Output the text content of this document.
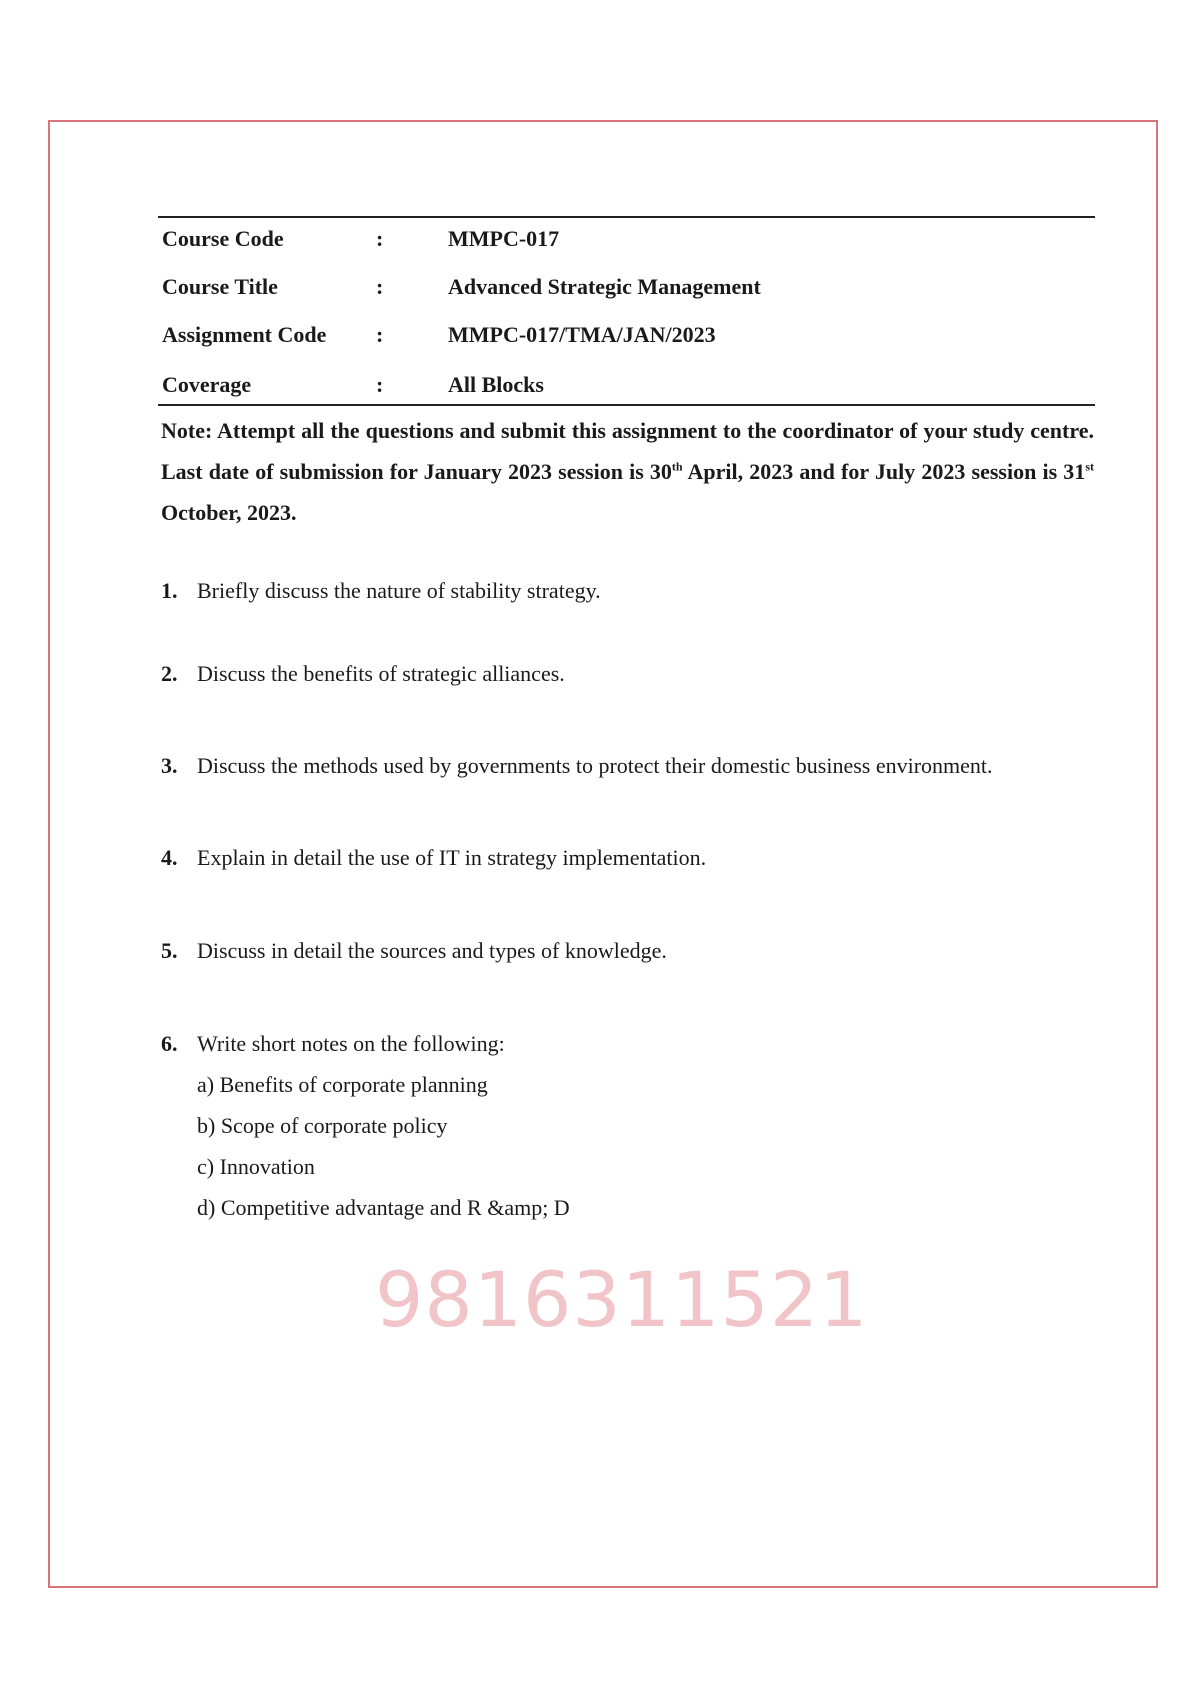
Course Code	:	MMPC-017
Course Title	:	Advanced Strategic Management
Assignment Code :	MMPC-017/TMA/JAN/2023
Coverage	:	All Blocks

Note: Attempt all the questions and submit this assignment to the coordinator of your study centre. Last date of submission for January 2023 session is 30th April, 2023 and for July 2023 session is 31st October, 2023.

1. Briefly discuss the nature of stability strategy.
2. Discuss the benefits of strategic alliances.
3. Discuss the methods used by governments to protect their domestic business environment.
4. Explain in detail the use of IT in strategy implementation.
5. Discuss in detail the sources and types of knowledge.
6. Write short notes on the following:
a) Benefits of corporate planning
b) Scope of corporate policy
c) Innovation
d) Competitive advantage and R &amp; D
9816311521
